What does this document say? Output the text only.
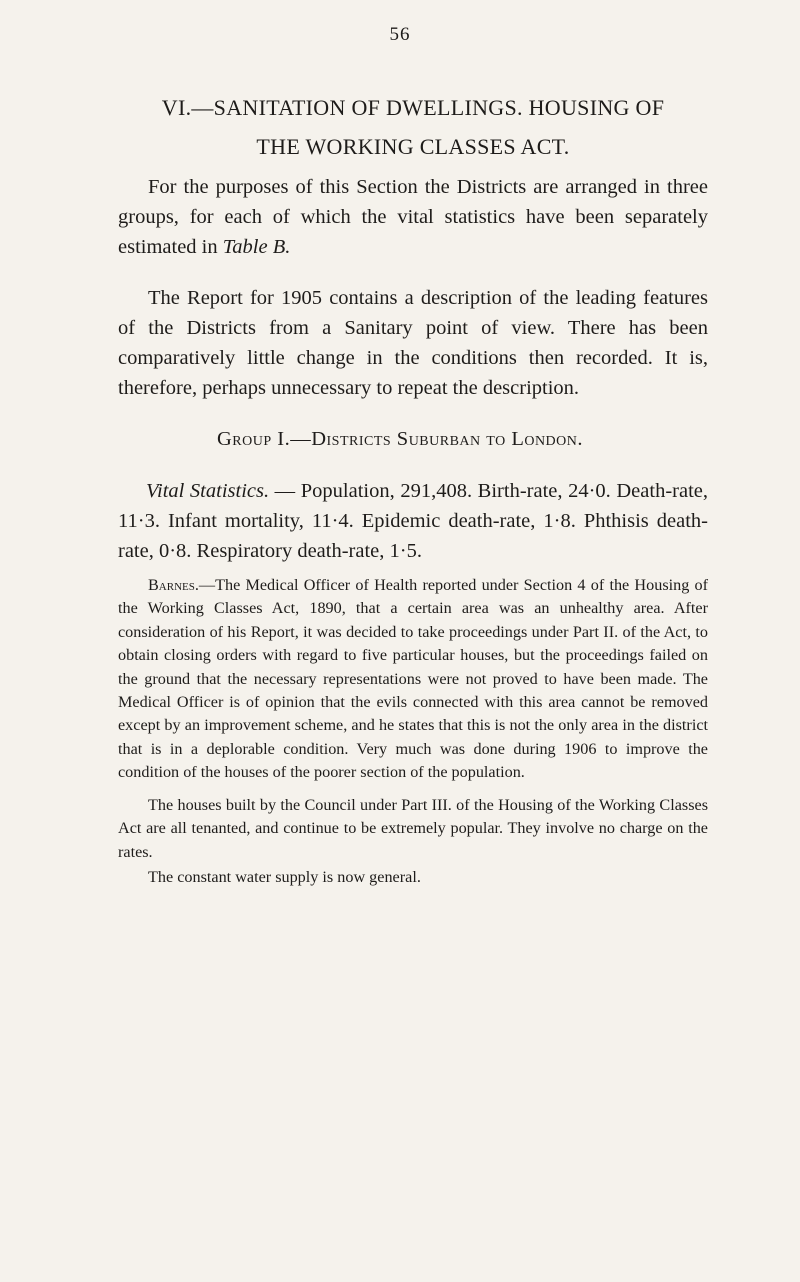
56
VI.—SANITATION OF DWELLINGS. HOUSING OF
THE WORKING CLASSES ACT.
For the purposes of this Section the Districts are arranged in three groups, for each of which the vital statistics have been separately estimated in Table B.
The Report for 1905 contains a description of the leading features of the Districts from a Sanitary point of view. There has been comparatively little change in the conditions then recorded. It is, therefore, perhaps unnecessary to repeat the description.
Group I.—Districts Suburban to London.
Vital Statistics. — Population, 291,408. Birth-rate, 24·0. Death-rate, 11·3. Infant mortality, 11·4. Epidemic death-rate, 1·8. Phthisis death-rate, 0·8. Respiratory death-rate, 1·5.

Barnes.—The Medical Officer of Health reported under Section 4 of the Housing of the Working Classes Act, 1890, that a certain area was an unhealthy area. After consideration of his Report, it was decided to take proceedings under Part II. of the Act, to obtain closing orders with regard to five particular houses, but the proceedings failed on the ground that the necessary representations were not proved to have been made. The Medical Officer is of opinion that the evils connected with this area cannot be removed except by an improvement scheme, and he states that this is not the only area in the district that is in a deplorable condition. Very much was done during 1906 to improve the condition of the houses of the poorer section of the population.

The houses built by the Council under Part III. of the Housing of the Working Classes Act are all tenanted, and continue to be extremely popular. They involve no charge on the rates.

The constant water supply is now general.
